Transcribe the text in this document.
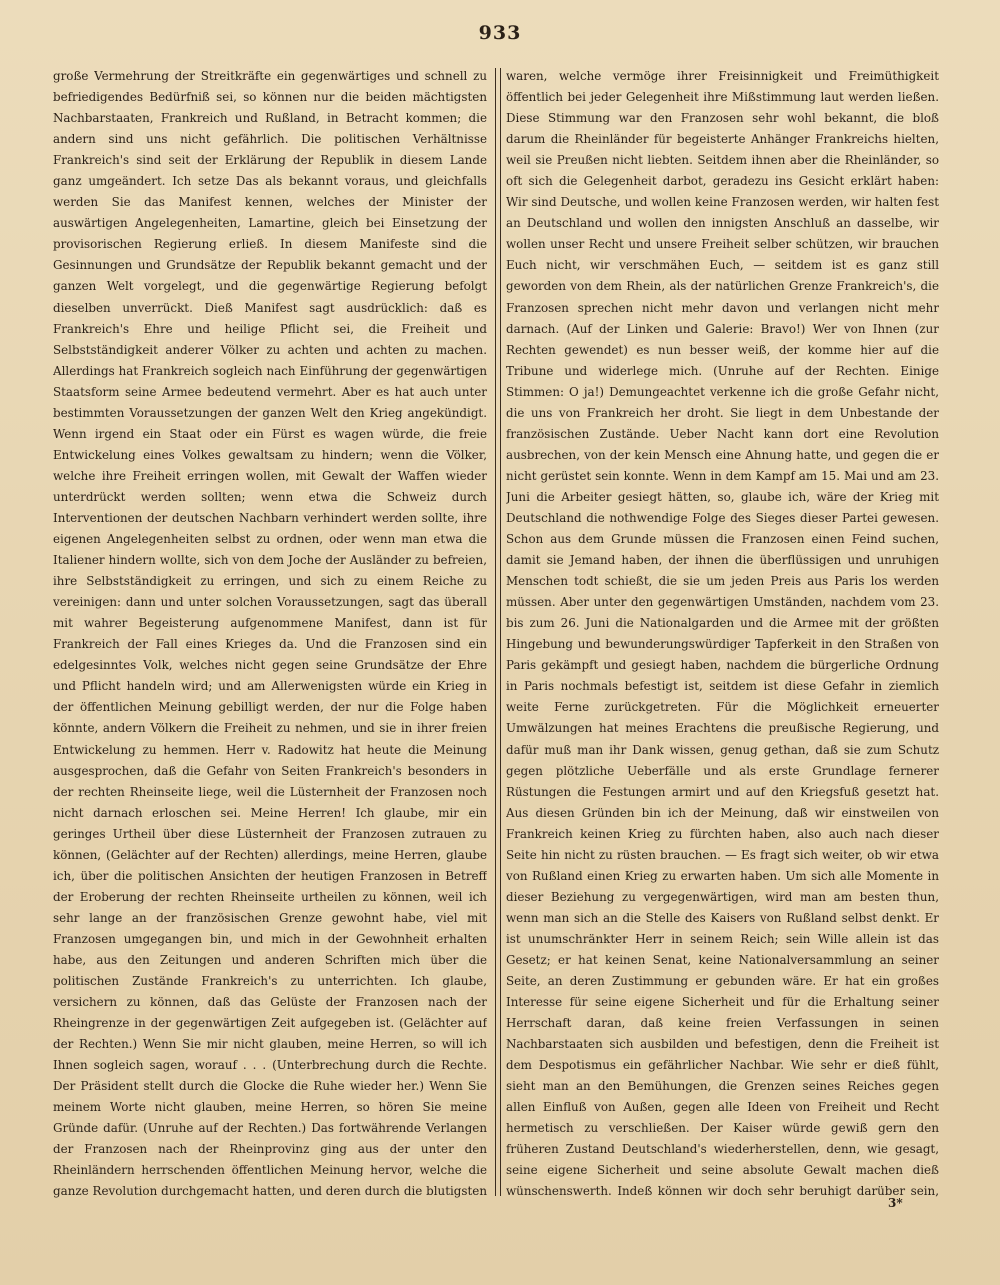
933

große Vermehrung der Streitkräfte ein gegenwärtiges und schnell zu befriedigendes Bedürfniß sei, so können nur die beiden mächtigsten Nachbarstaaten, Frankreich und Rußland, in Betracht kommen; die andern sind uns nicht gefährlich. Die politischen Verhältnisse Frankreich's sind seit der Erklärung der Republik in diesem Lande ganz umgeändert. Ich setze Das als bekannt voraus, und gleichfalls werden Sie das Manifest kennen, welches der Minister der auswärtigen Angelegenheiten, Lamartine, gleich bei Einsetzung der provisorischen Regierung erließ. In diesem Manifeste sind die Gesinnungen und Grundsätze der Republik bekannt gemacht und der ganzen Welt vorgelegt, und die gegenwärtige Regierung befolgt dieselben unverrückt. Dieß Manifest sagt ausdrücklich: daß es Frankreich's Ehre und heilige Pflicht sei, die Freiheit und Selbstständigkeit anderer Völker zu achten und achten zu machen. Allerdings hat Frankreich sogleich nach Einführung der gegenwärtigen Staatsform seine Armee bedeutend vermehrt. Aber es hat auch unter bestimmten Voraussetzungen der ganzen Welt den Krieg angekündigt. Wenn irgend ein Staat oder ein Fürst es wagen würde, die freie Entwickelung eines Volkes gewaltsam zu hindern; wenn die Völker, welche ihre Freiheit erringen wollen, mit Gewalt der Waffen wieder unterdrückt werden sollten; wenn etwa die Schweiz durch Interventionen der deutschen Nachbarn verhindert werden sollte, ihre eigenen Angelegenheiten selbst zu ordnen, oder wenn man etwa die Italiener hindern wollte, sich von dem Joche der Ausländer zu befreien, ihre Selbstständigkeit zu erringen, und sich zu einem Reiche zu vereinigen: dann und unter solchen Voraussetzungen, sagt das überall mit wahrer Begeisterung aufgenommene Manifest, dann ist für Frankreich der Fall eines Krieges da. Und die Franzosen sind ein edelgesinntes Volk, welches nicht gegen seine Grundsätze der Ehre und Pflicht handeln wird; und am Allerwenigsten würde ein Krieg in der öffentlichen Meinung gebilligt werden, der nur die Folge haben könnte, andern Völkern die Freiheit zu nehmen, und sie in ihrer freien Entwickelung zu hemmen. Herr v. Radowitz hat heute die Meinung ausgesprochen, daß die Gefahr von Seiten Frankreich's besonders in der rechten Rheinseite liege, weil die Lüsternheit der Franzosen noch nicht darnach erloschen sei. Meine Herren! Ich glaube, mir ein geringes Urtheil über diese Lüsternheit der Franzosen zutrauen zu können, (Gelächter auf der Rechten) allerdings, meine Herren, glaube ich, über die politischen Ansichten der heutigen Franzosen in Betreff der Eroberung der rechten Rheinseite urtheilen zu können, weil ich sehr lange an der französischen Grenze gewohnt habe, viel mit Franzosen umgegangen bin, und mich in der Gewohnheit erhalten habe, aus den Zeitungen und anderen Schriften mich über die politischen Zustände Frankreich's zu unterrichten. Ich glaube, versichern zu können, daß das Gelüste der Franzosen nach der Rheingrenze in der gegenwärtigen Zeit aufgegeben ist. (Gelächter auf der Rechten.) Wenn Sie mir nicht glauben, meine Herren, so will ich Ihnen sogleich sagen, worauf . . . (Unterbrechung durch die Rechte. Der Präsident stellt durch die Glocke die Ruhe wieder her.) Wenn Sie meinem Worte nicht glauben, meine Herren, so hören Sie meine Gründe dafür. (Unruhe auf der Rechten.) Das fortwährende Verlangen der Franzosen nach der Rheinprovinz ging aus der unter den Rheinländern herrschenden öffentlichen Meinung hervor, welche die ganze Revolution durchgemacht hatten, und deren durch die blutigsten

waren, welche vermöge ihrer Freisinnigkeit und Freimüthigkeit öffentlich bei jeder Gelegenheit ihre Mißstimmung laut werden ließen. Diese Stimmung war den Franzosen sehr wohl bekannt, die bloß darum die Rheinländer für begeisterte Anhänger Frankreichs hielten, weil sie Preußen nicht liebten. Seitdem ihnen aber die Rheinländer, so oft sich die Gelegenheit darbot, geradezu ins Gesicht erklärt haben: Wir sind Deutsche, und wollen keine Franzosen werden, wir halten fest an Deutschland und wollen den innigsten Anschluß an dasselbe, wir wollen unser Recht und unsere Freiheit selber schützen, wir brauchen Euch nicht, wir verschmähen Euch, — seitdem ist es ganz still geworden von dem Rhein, als der natürlichen Grenze Frankreich's, die Franzosen sprechen nicht mehr davon und verlangen nicht mehr darnach. (Auf der Linken und Galerie: Bravo!) Wer von Ihnen (zur Rechten gewendet) es nun besser weiß, der komme hier auf die Tribune und widerlege mich. (Unruhe auf der Rechten. Einige Stimmen: O ja!) Demungeachtet verkenne ich die große Gefahr nicht, die uns von Frankreich her droht. Sie liegt in dem Unbestande der französischen Zustände. Ueber Nacht kann dort eine Revolution ausbrechen, von der kein Mensch eine Ahnung hatte, und gegen die er nicht gerüstet sein konnte. Wenn in dem Kampf am 15. Mai und am 23. Juni die Arbeiter gesiegt hätten, so, glaube ich, wäre der Krieg mit Deutschland die nothwendige Folge des Sieges dieser Partei gewesen. Schon aus dem Grunde müssen die Franzosen einen Feind suchen, damit sie Jemand haben, der ihnen die überflüssigen und unruhigen Menschen todt schießt, die sie um jeden Preis aus Paris los werden müssen. Aber unter den gegenwärtigen Umständen, nachdem vom 23. bis zum 26. Juni die Nationalgarden und die Armee mit der größten Hingebung und bewunderungswürdiger Tapferkeit in den Straßen von Paris gekämpft und gesiegt haben, nachdem die bürgerliche Ordnung in Paris nochmals befestigt ist, seitdem ist diese Gefahr in ziemlich weite Ferne zurückgetreten. Für die Möglichkeit erneuerter Umwälzungen hat meines Erachtens die preußische Regierung, und dafür muß man ihr Dank wissen, genug gethan, daß sie zum Schutz gegen plötzliche Ueberfälle und als erste Grundlage fernerer Rüstungen die Festungen armirt und auf den Kriegsfuß gesetzt hat. Aus diesen Gründen bin ich der Meinung, daß wir einstweilen von Frankreich keinen Krieg zu fürchten haben, also auch nach dieser Seite hin nicht zu rüsten brauchen. — Es fragt sich weiter, ob wir etwa von Rußland einen Krieg zu erwarten haben. Um sich alle Momente in dieser Beziehung zu vergegenwärtigen, wird man am besten thun, wenn man sich an die Stelle des Kaisers von Rußland selbst denkt. Er ist unumschränkter Herr in seinem Reich; sein Wille allein ist das Gesetz; er hat keinen Senat, keine Nationalversammlung an seiner Seite, an deren Zustimmung er gebunden wäre. Er hat ein großes Interesse für seine eigene Sicherheit und für die Erhaltung seiner Herrschaft daran, daß keine freien Verfassungen in seinen Nachbarstaaten sich ausbilden und befestigen, denn die Freiheit ist dem Despotismus ein gefährlicher Nachbar. Wie sehr er dieß fühlt, sieht man an den Bemühungen, die Grenzen seines Reiches gegen allen Einfluß von Außen, gegen alle Ideen von Freiheit und Recht hermetisch zu verschließen. Der Kaiser würde gewiß gern den früheren Zustand Deutschland's wiederherstellen, denn, wie gesagt, seine eigene Sicherheit und seine absolute Gewalt machen dieß wünschenswerth. Indeß können wir doch sehr beruhigt darüber sein,

3*
